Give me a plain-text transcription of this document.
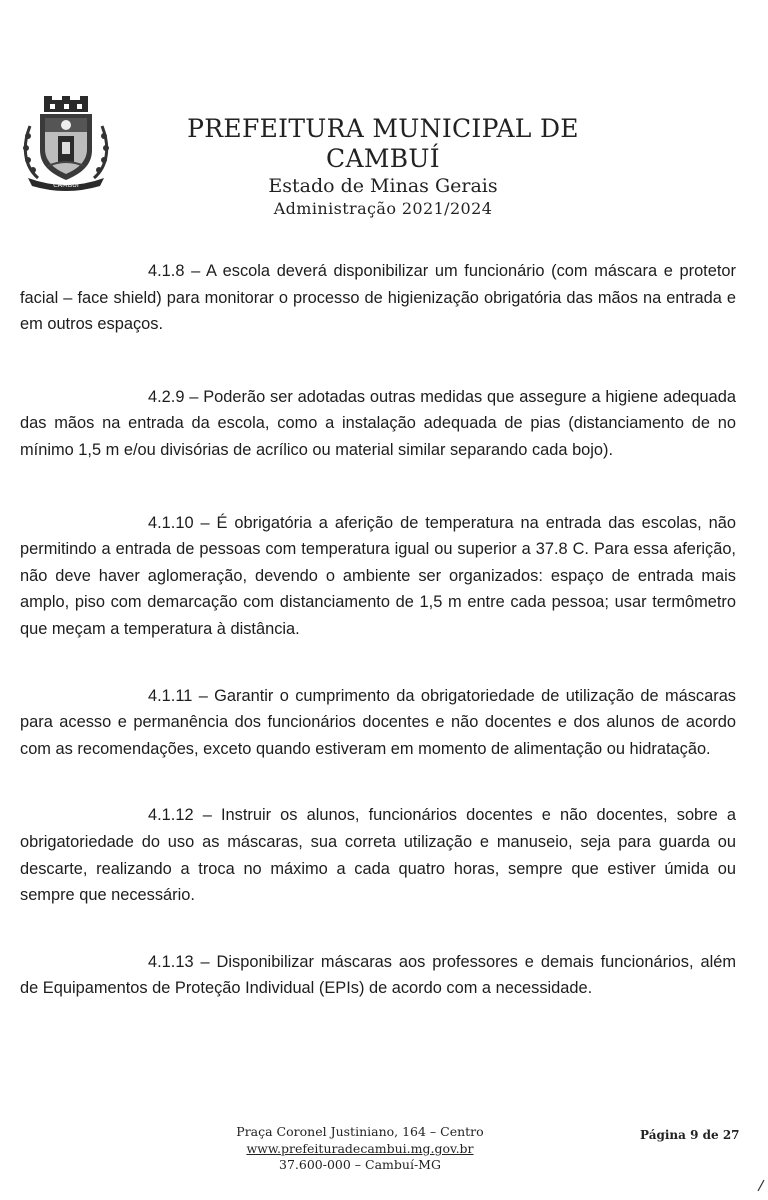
CAMBUÍ
PREFEITURA MUNICIPAL DE CAMBUÍ
Estado de Minas Gerais
Administração 2021/2024

4.1.8 – A escola deverá disponibilizar um funcionário (com máscara e protetor facial – face shield) para monitorar o processo de higienização obrigatória das mãos na entrada e em outros espaços.

4.2.9 – Poderão ser adotadas outras medidas que assegure a higiene adequada das mãos na entrada da escola, como a instalação adequada de pias (distanciamento de no mínimo 1,5 m e/ou divisórias de acrílico ou material similar separando cada bojo).

4.1.10 – É obrigatória a aferição de temperatura na entrada das escolas, não permitindo a entrada de pessoas com temperatura igual ou superior a 37.8 C. Para essa aferição, não deve haver aglomeração, devendo o ambiente ser organizados: espaço de entrada mais amplo, piso com demarcação com distanciamento de 1,5 m entre cada pessoa; usar termômetro que meçam a temperatura à distância.

4.1.11 – Garantir o cumprimento da obrigatoriedade de utilização de máscaras para acesso e permanência dos funcionários docentes e não docentes e dos alunos de acordo com as recomendações, exceto quando estiveram em momento de alimentação ou hidratação.

4.1.12 – Instruir os alunos, funcionários docentes e não docentes, sobre a obrigatoriedade do uso as máscaras, sua correta utilização e manuseio, seja para guarda ou descarte, realizando a troca no máximo a cada quatro horas, sempre que estiver úmida ou sempre que necessário.

4.1.13 – Disponibilizar máscaras aos professores e demais funcionários, além de Equipamentos de Proteção Individual (EPIs) de acordo com a necessidade.

Praça Coronel Justiniano, 164 – Centro
www.prefeituradecambui.mg.gov.br
37.600-000 – Cambuí-MG
Página 9 de 27
